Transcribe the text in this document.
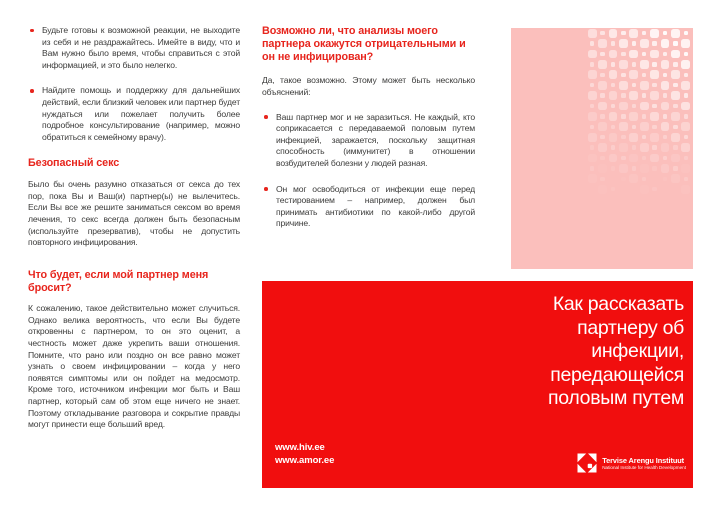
Будьте готовы к возможной реакции, не выходите из себя и не раздражайтесь. Имейте в виду, что и Вам нужно было время, чтобы справиться с этой информацией, и это было нелегко.
Найдите помощь и поддержку для дальнейших действий, если близкий человек или партнер будет нуждаться или пожелает получить более подробное консультирование (например, можно обратиться к семейному врачу).
Безопасный секс

Было бы очень разумно отказаться от секса до тех пор, пока Вы и Ваш(и) партнер(ы) не вылечитесь. Если Вы все же решите заниматься сексом во время лечения, то секс всегда должен быть безопасным (используйте презерватив), чтобы не допустить повторного инфицирования.

Что будет, если мой партнер меня бросит?

К сожалению, такое действительно может случиться. Однако велика вероятность, что если Вы будете откровенны с партнером, то он это оценит, а честность может даже укрепить ваши отношения. Помните, что рано или поздно он все равно может узнать о своем инфицировании – когда у него появятся симптомы или он пойдет на медосмотр. Кроме того, источником инфекции мог быть и Ваш партнер, который сам об этом еще ничего не знает. Поэтому откладывание разговора и сокрытие правды могут принести еще больший вред.

Возможно ли, что анализы моего партнера окажутся отрицательными и он не инфицирован?

Да, такое возможно. Этому может быть несколько объяснений:

Ваш партнер мог и не заразиться. Не каждый, кто соприкасается с передаваемой половым путем инфекцией, заражается, поскольку защитная способность (иммунитет) в отношении возбудителей болезни у людей разная.
Он мог освободиться от инфекции еще перед тестированием – например, должен был принимать антибиотики по какой-либо другой причине.
www.hiv.ee
www.amor.ee
Как рассказать
партнеру об
инфекции,
передающейся
половым путем
Tervise Arengu Instituut
National Institute for Health Development
